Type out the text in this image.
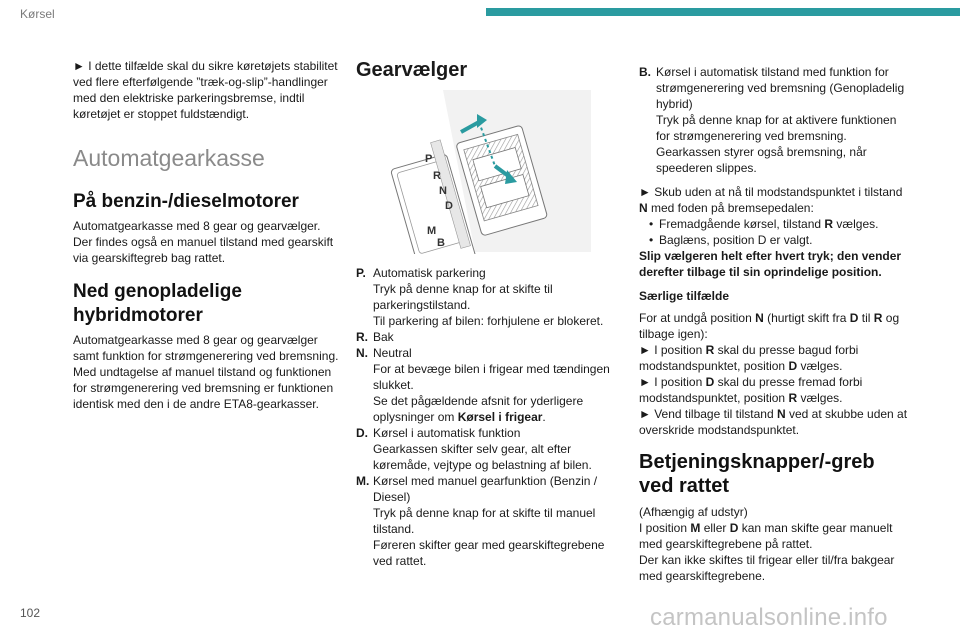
Kørsel

► I dette tilfælde skal du sikre køretøjets stabilitet ved flere efterfølgende ”træk-og-slip”-handlinger med den elektriske parkeringsbremse, indtil køretøjet er stoppet fuldstændigt.

Automatgearkasse
På benzin-/dieselmotorer

Automatgearkasse med 8 gear og gearvælger.

Der findes også en manuel tilstand med gearskift via gearskiftegreb bag rattet.

Ned genopladelige hybridmotorer

Automatgearkasse med 8 gear og gearvælger samt funktion for strømgenerering ved bremsning.

Med undtagelse af manuel tilstand og funktionen for strømgenerering ved bremsning er funktionen identisk med den i de andre ETA8-gearkasser.

Gearvælger
P
R
N
D
M
B
P. Automatisk parkering

Tryk på denne knap for at skifte til parkeringstilstand.

Til parkering af bilen: forhjulene er blokeret.

R. Bak

N. Neutral

For at bevæge bilen i frigear med tændingen slukket.

Se det pågældende afsnit for yderligere oplysninger om Kørsel i frigear.

D. Kørsel i automatisk funktion

Gearkassen skifter selv gear, alt efter køremåde, vejtype og belastning af bilen.

M. Kørsel med manuel gearfunktion (Benzin / Diesel)

Tryk på denne knap for at skifte til manuel tilstand.

Føreren skifter gear med gearskiftegrebene ved rattet.

B. Kørsel i automatisk tilstand med funktion for strømgenerering ved bremsning (Genopladelig hybrid)

Tryk på denne knap for at aktivere funktionen for strømgenerering ved bremsning.

Gearkassen styrer også bremsning, når speederen slippes.

► Skub uden at nå til modstandspunktet i tilstand N med foden på bremsepedalen:

• Fremadgående kørsel, tilstand R vælges.
• Baglæns, position D er valgt.

Slip vælgeren helt efter hvert tryk; den vender derefter tilbage til sin oprindelige position.

Særlige tilfælde

For at undgå position N (hurtigt skift fra D til R og tilbage igen):

► I position R skal du presse bagud forbi modstandspunktet, position D vælges.

► I position D skal du presse fremad forbi modstandspunktet, position R vælges.

► Vend tilbage til tilstand N ved at skubbe uden at overskride modstandspunktet.

Betjeningsknapper/-greb ved rattet

(Afhængig af udstyr)

I position M eller D kan man skifte gear manuelt med gearskiftegrebene på rattet.

Der kan ikke skiftes til frigear eller til/fra bakgear med gearskiftegrebene.

102	carmanualsonline.info
